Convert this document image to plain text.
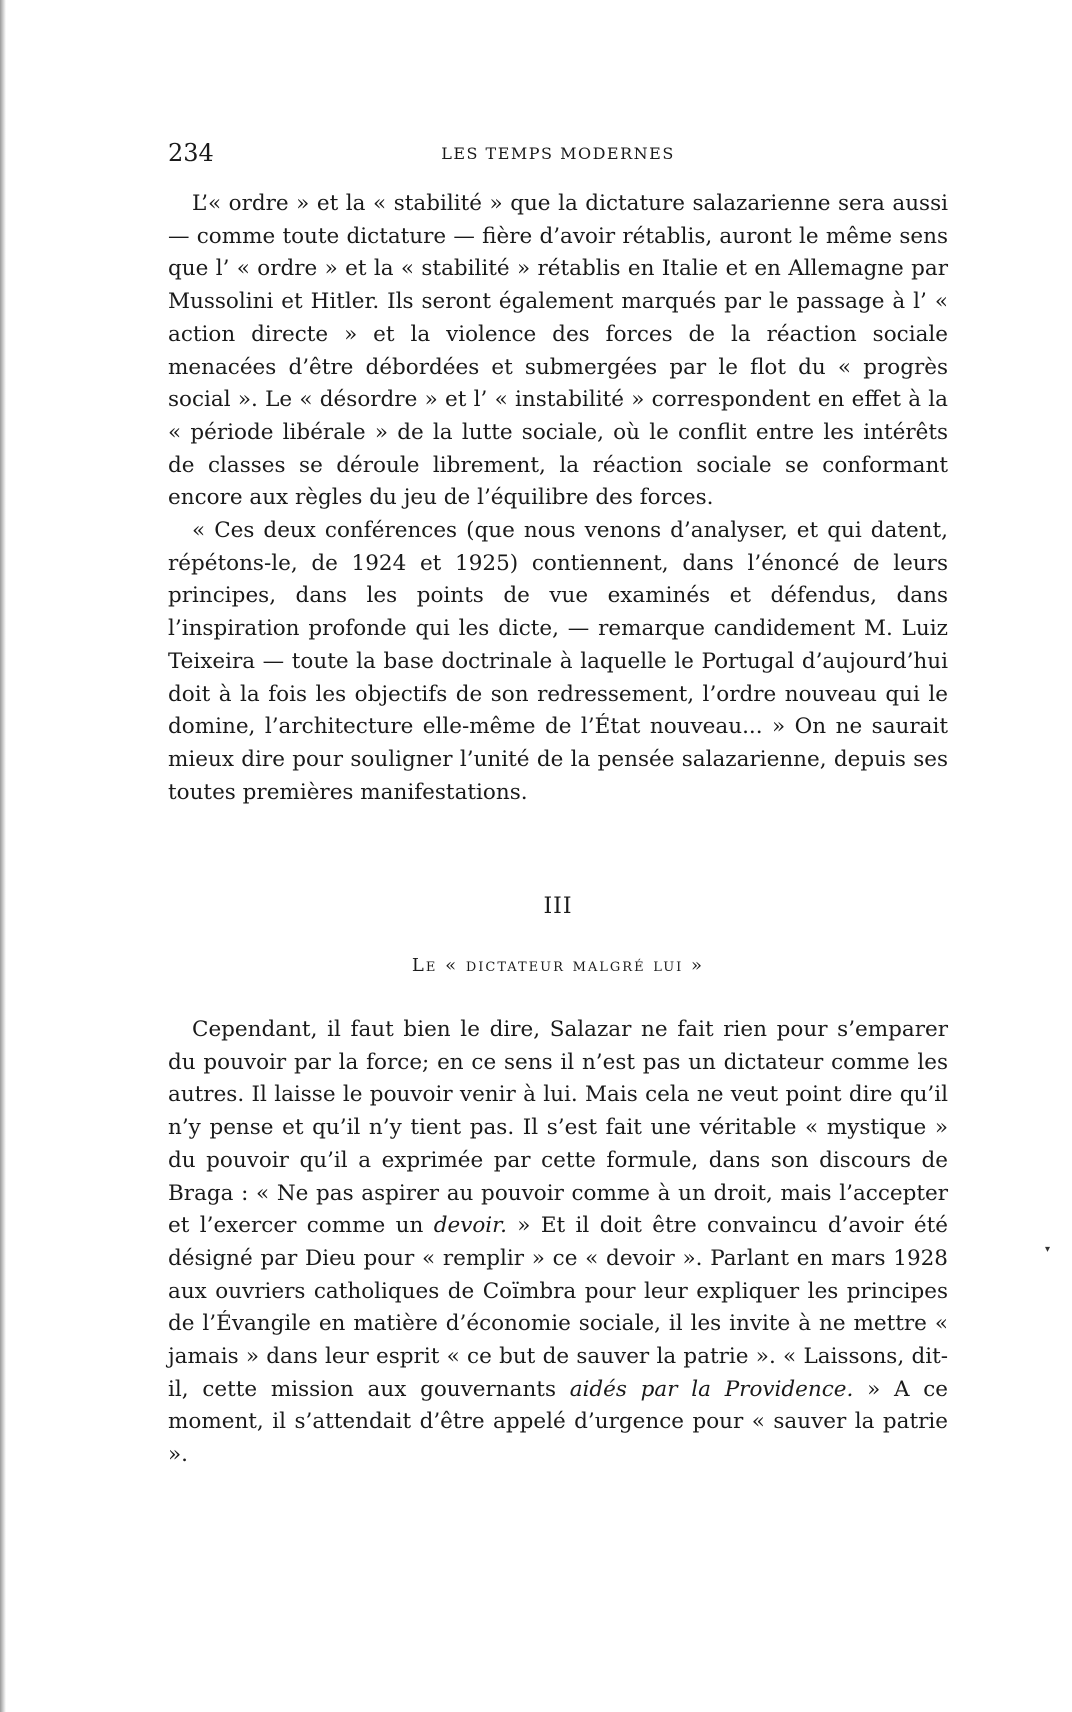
234	LES TEMPS MODERNES

L’« ordre » et la « stabilité » que la dictature salazarienne sera aussi — comme toute dictature — fière d’avoir rétablis, auront le même sens que l’ « ordre » et la « stabilité » rétablis en Italie et en Allemagne par Mussolini et Hitler. Ils seront également marqués par le passage à l’ « action directe » et la violence des forces de la réaction sociale menacées d’être débordées et submergées par le flot du « progrès social ». Le « désordre » et l’ « instabilité » correspondent en effet à la « période libérale » de la lutte sociale, où le conflit entre les intérêts de classes se déroule librement, la réaction sociale se conformant encore aux règles du jeu de l’équilibre des forces.

« Ces deux conférences (que nous venons d’analyser, et qui datent, répétons-le, de 1924 et 1925) contiennent, dans l’énoncé de leurs principes, dans les points de vue examinés et défendus, dans l’inspiration profonde qui les dicte, — remarque candidement M. Luiz Teixeira — toute la base doctrinale à laquelle le Portugal d’aujourd’hui doit à la fois les objectifs de son redressement, l’ordre nouveau qui le domine, l’architecture elle-même de l’État nouveau... » On ne saurait mieux dire pour souligner l’unité de la pensée salazarienne, depuis ses toutes premières manifestations.

III
Le « dictateur malgré lui »

Cependant, il faut bien le dire, Salazar ne fait rien pour s’emparer du pouvoir par la force; en ce sens il n’est pas un dictateur comme les autres. Il laisse le pouvoir venir à lui. Mais cela ne veut point dire qu’il n’y pense et qu’il n’y tient pas. Il s’est fait une véritable « mystique » du pouvoir qu’il a exprimée par cette formule, dans son discours de Braga : « Ne pas aspirer au pouvoir comme à un droit, mais l’accepter et l’exercer comme un devoir. » Et il doit être convaincu d’avoir été désigné par Dieu pour « remplir » ce « devoir ». Parlant en mars 1928 aux ouvriers catholiques de Coïmbra pour leur expliquer les principes de l’Évangile en matière d’économie sociale, il les invite à ne mettre « jamais » dans leur esprit « ce but de sauver la patrie ». « Laissons, dit-il, cette mission aux gouvernants aidés par la Providence. » A ce moment, il s’attendait d’être appelé d’urgence pour « sauver la patrie ».

▾
